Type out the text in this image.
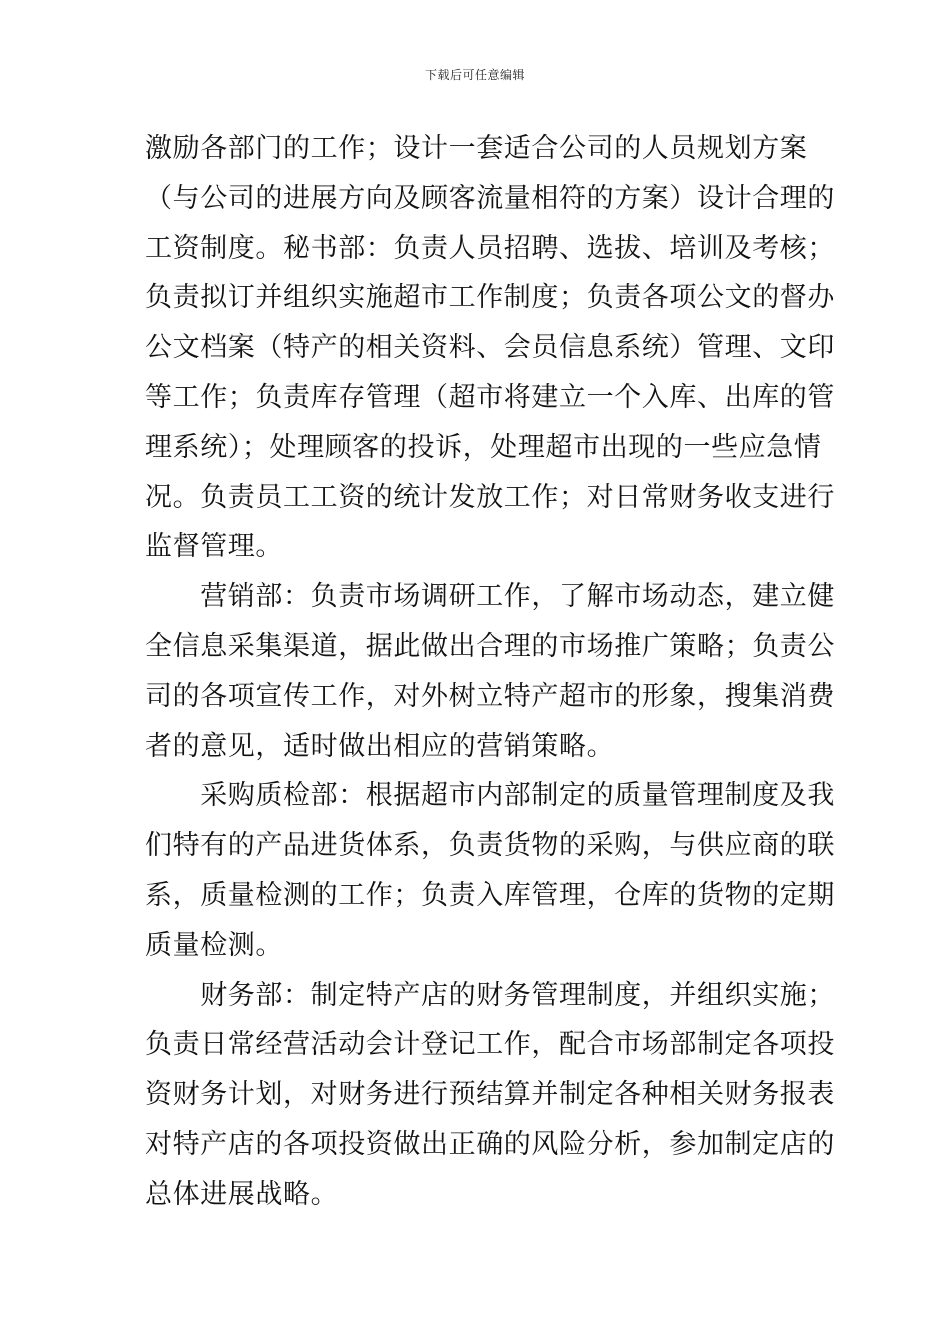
下载后可任意编辑
激励各部门的工作；设计一套适合公司的人员规划方案
（与公司的进展方向及顾客流量相符的方案）设计合理的
工资制度。秘书部：负责人员招聘、选拔、培训及考核；
负责拟订并组织实施超市工作制度；负责各项公文的督办
公文档案（特产的相关资料、会员信息系统）管理、文印
等工作；负责库存管理（超市将建立一个入库、出库的管
理系统）；处理顾客的投诉，处理超市出现的一些应急情
况。负责员工工资的统计发放工作；对日常财务收支进行
监督管理。
　　营销部：负责市场调研工作，了解市场动态，建立健
全信息采集渠道，据此做出合理的市场推广策略；负责公
司的各项宣传工作，对外树立特产超市的形象，搜集消费
者的意见，适时做出相应的营销策略。
　　采购质检部：根据超市内部制定的质量管理制度及我
们特有的产品进货体系，负责货物的采购，与供应商的联
系，质量检测的工作；负责入库管理，仓库的货物的定期
质量检测。
　　财务部：制定特产店的财务管理制度，并组织实施；
负责日常经营活动会计登记工作，配合市场部制定各项投
资财务计划，对财务进行预结算并制定各种相关财务报表
对特产店的各项投资做出正确的风险分析，参加制定店的
总体进展战略。
